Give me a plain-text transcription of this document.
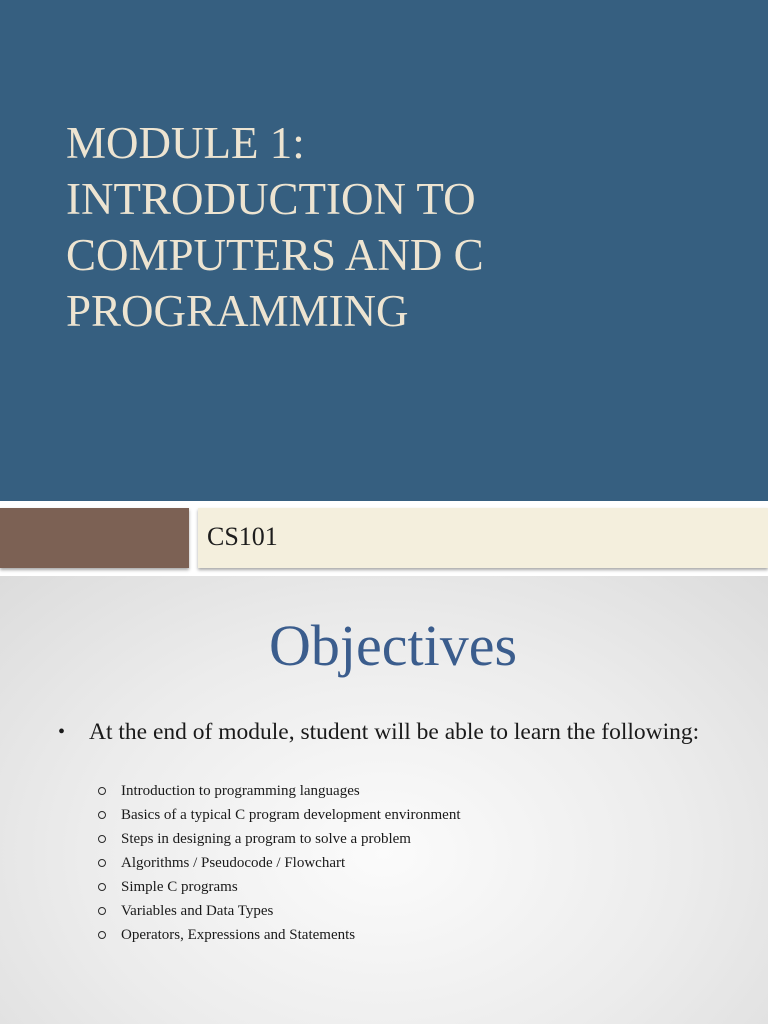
MODULE 1:
INTRODUCTION TO
COMPUTERS AND C
PROGRAMMING
CS101
Objectives
•	At the end of module, student will be able to learn the following:
Introduction to programming languages
Basics of a typical C program development environment
Steps in designing a program to solve a problem
Algorithms / Pseudocode / Flowchart
Simple C programs
Variables and Data Types
Operators, Expressions and Statements
